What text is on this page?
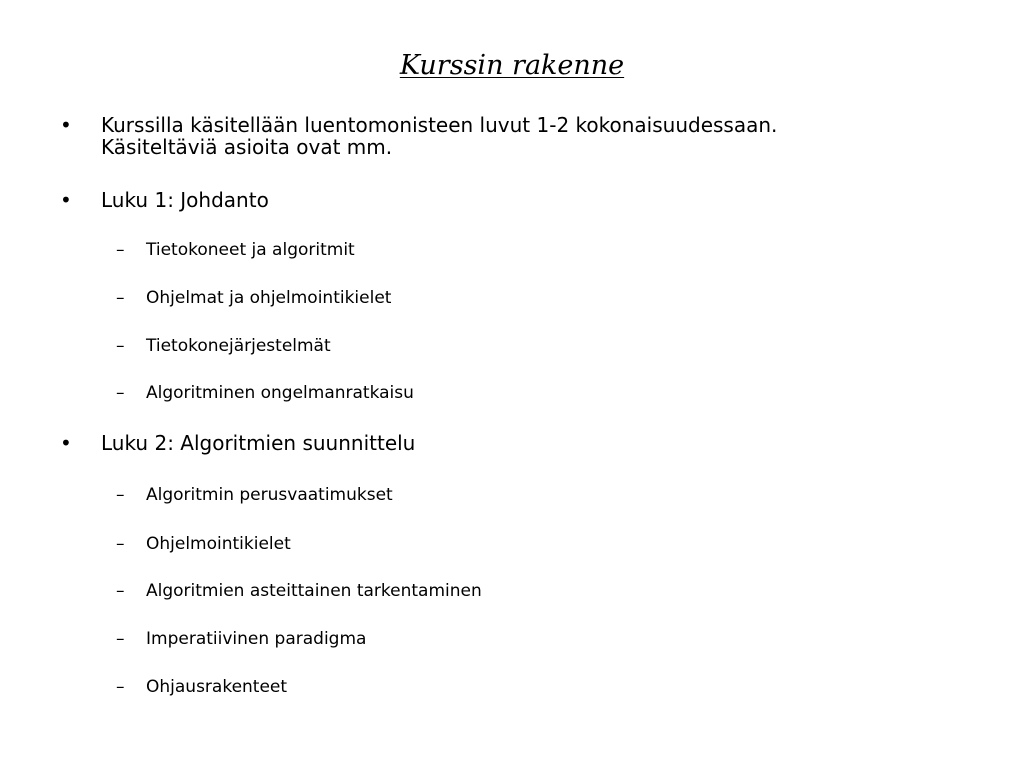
Kurssin rakenne
• Kurssilla käsitellään luentomonisteen luvut 1-2 kokonaisuudessaan.
Käsiteltäviä asioita ovat mm.
• Luku 1: Johdanto
– Tietokoneet ja algoritmit
– Ohjelmat ja ohjelmointikielet
– Tietokonejärjestelmät
– Algoritminen ongelmanratkaisu
• Luku 2: Algoritmien suunnittelu
– Algoritmin perusvaatimukset
– Ohjelmointikielet
– Algoritmien asteittainen tarkentaminen
– Imperatiivinen paradigma
– Ohjausrakenteet
